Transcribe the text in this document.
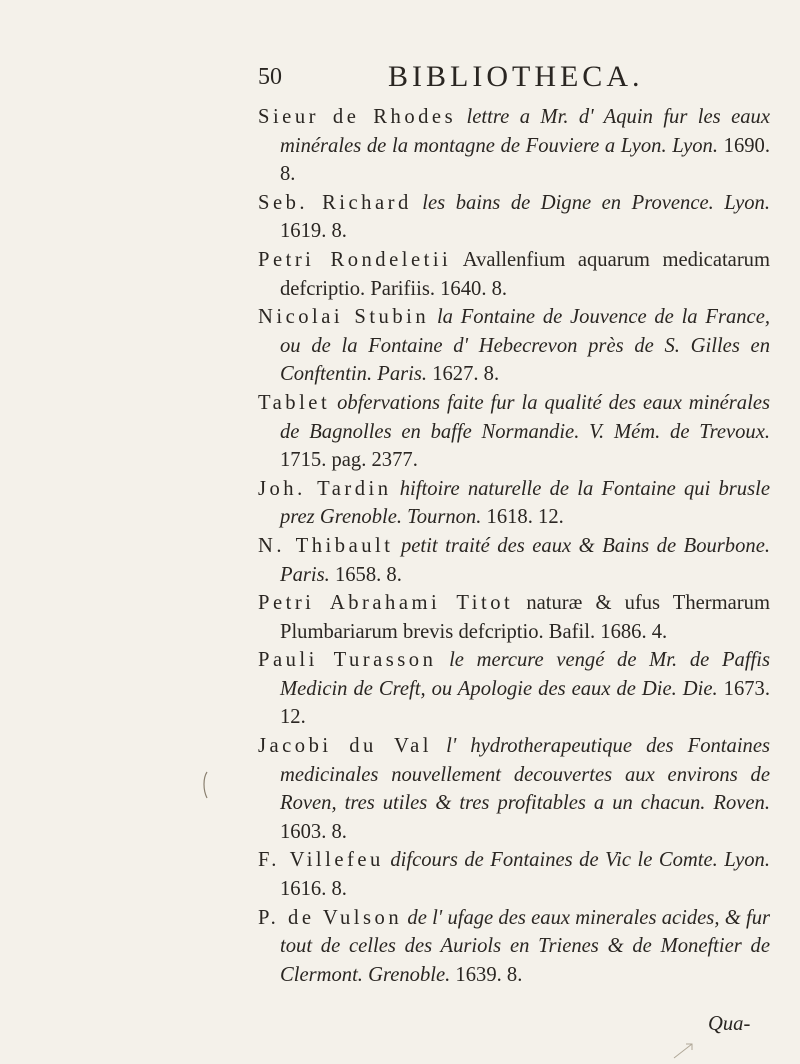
50	BIBLIOTHECA.

Sieur de Rhodes lettre a Mr. d' Aquin fur les eaux minérales de la montagne de Fouviere a Lyon. Lyon. 1690. 8.

Seb. Richard les bains de Digne en Provence. Lyon. 1619. 8.

Petri Rondeletii Avallenfium aquarum medicatarum defcriptio. Parifiis. 1640. 8.

Nicolai Stubin la Fontaine de Jouvence de la France, ou de la Fontaine d' Hebecrevon près de S. Gilles en Conftentin. Paris. 1627. 8.

Tablet obfervations faite fur la qualité des eaux minérales de Bagnolles en baffe Normandie. V. Mém. de Trevoux. 1715. pag. 2377.

Joh. Tardin hiftoire naturelle de la Fontaine qui brusle prez Grenoble. Tournon. 1618. 12.

N. Thibault petit traité des eaux & Bains de Bourbone. Paris. 1658. 8.

Petri Abrahami Titot naturæ & ufus Thermarum Plumbariarum brevis defcriptio. Bafil. 1686. 4.

Pauli Turasson le mercure vengé de Mr. de Paffis Medicin de Creft, ou Apologie des eaux de Die. Die. 1673. 12.

Jacobi du Val l' hydrotherapeutique des Fontaines medicinales nouvellement decouvertes aux environs de Roven, tres utiles & tres profitables a un chacun. Roven. 1603. 8.

F. Villefeu difcours de Fontaines de Vic le Comte. Lyon. 1616. 8.

P. de Vulson de l' ufage des eaux minerales acides, & fur tout de celles des Auriols en Trienes & de Moneftier de Clermont. Grenoble. 1639. 8.

Qua-
